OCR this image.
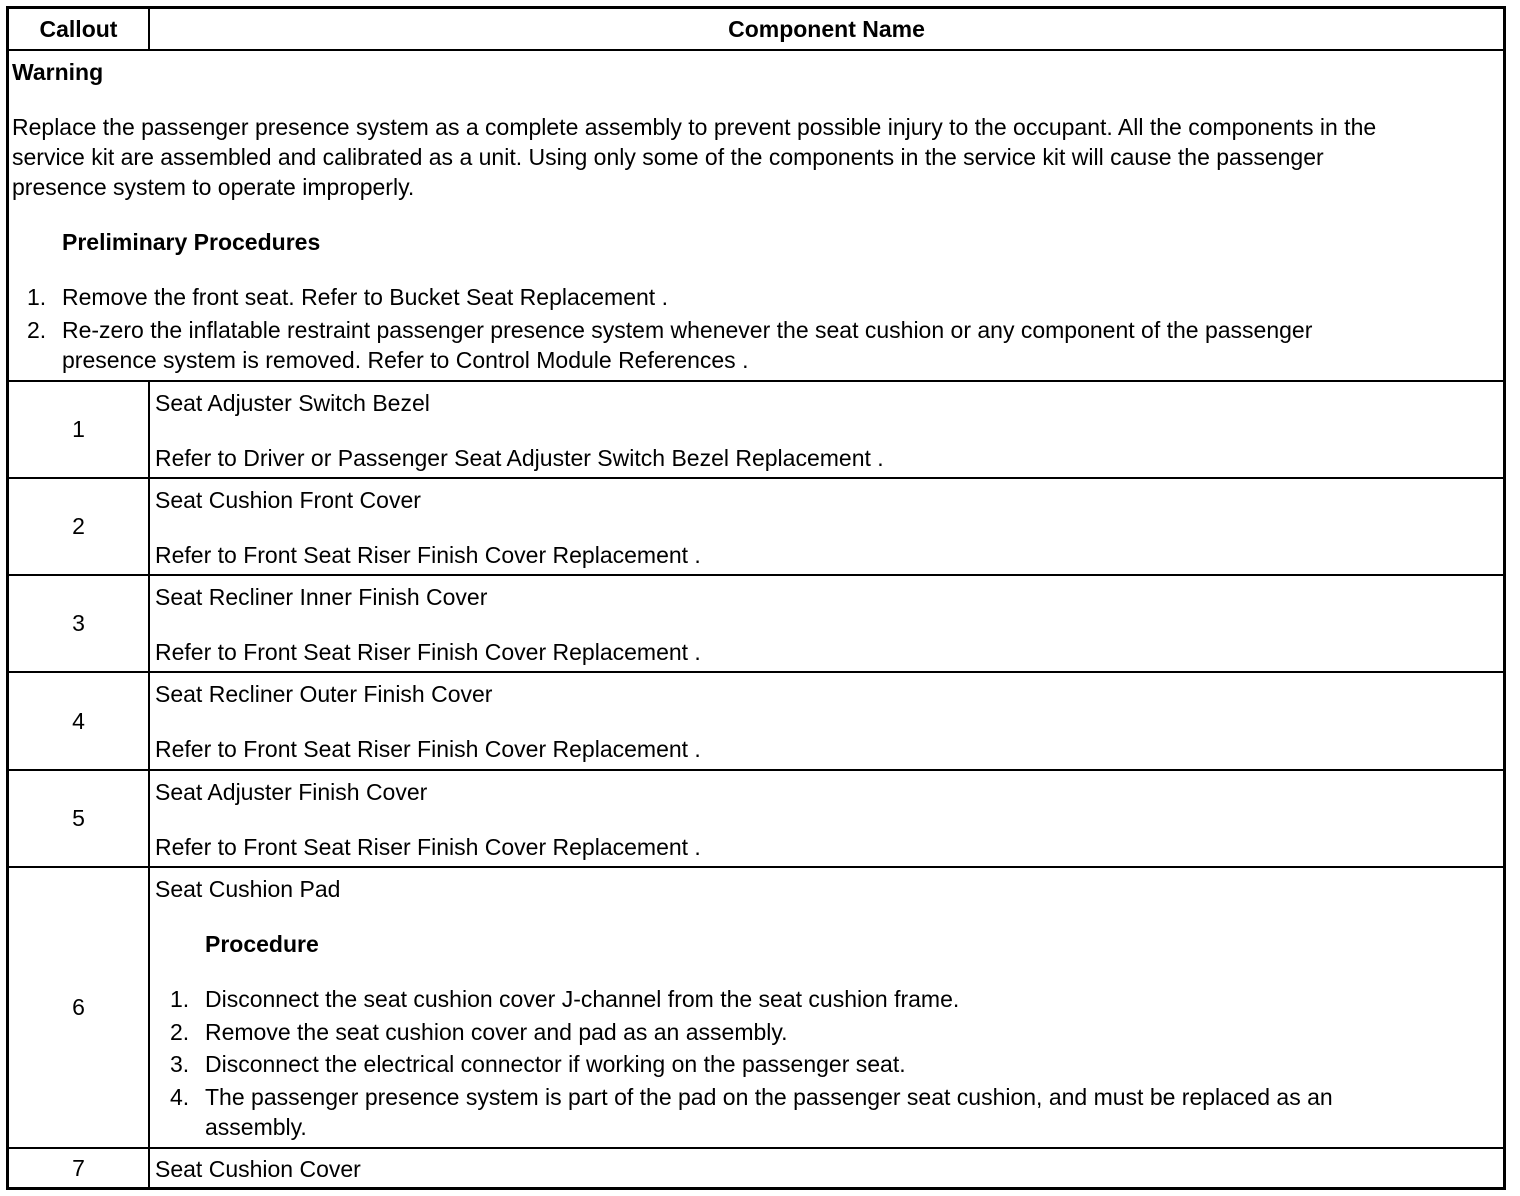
Callout	Component Name
Warning
Replace the passenger presence system as a complete assembly to prevent possible injury to the occupant. All the components in the
service kit are assembled and calibrated as a unit. Using only some of the components in the service kit will cause the passenger
presence system to operate improperly.
Preliminary Procedures
1. Remove the front seat. Refer to Bucket Seat Replacement .
2. Re-zero the inflatable restraint passenger presence system whenever the seat cushion or any component of the passenger
presence system is removed. Refer to Control Module References .
1
Seat Adjuster Switch Bezel
Refer to Driver or Passenger Seat Adjuster Switch Bezel Replacement .
2
Seat Cushion Front Cover
Refer to Front Seat Riser Finish Cover Replacement .
3
Seat Recliner Inner Finish Cover
Refer to Front Seat Riser Finish Cover Replacement .
4
Seat Recliner Outer Finish Cover
Refer to Front Seat Riser Finish Cover Replacement .
5
Seat Adjuster Finish Cover
Refer to Front Seat Riser Finish Cover Replacement .
6
Seat Cushion Pad
Procedure
1. Disconnect the seat cushion cover J-channel from the seat cushion frame.
2. Remove the seat cushion cover and pad as an assembly.
3. Disconnect the electrical connector if working on the passenger seat.
4. The passenger presence system is part of the pad on the passenger seat cushion, and must be replaced as an
assembly.
7	Seat Cushion Cover
